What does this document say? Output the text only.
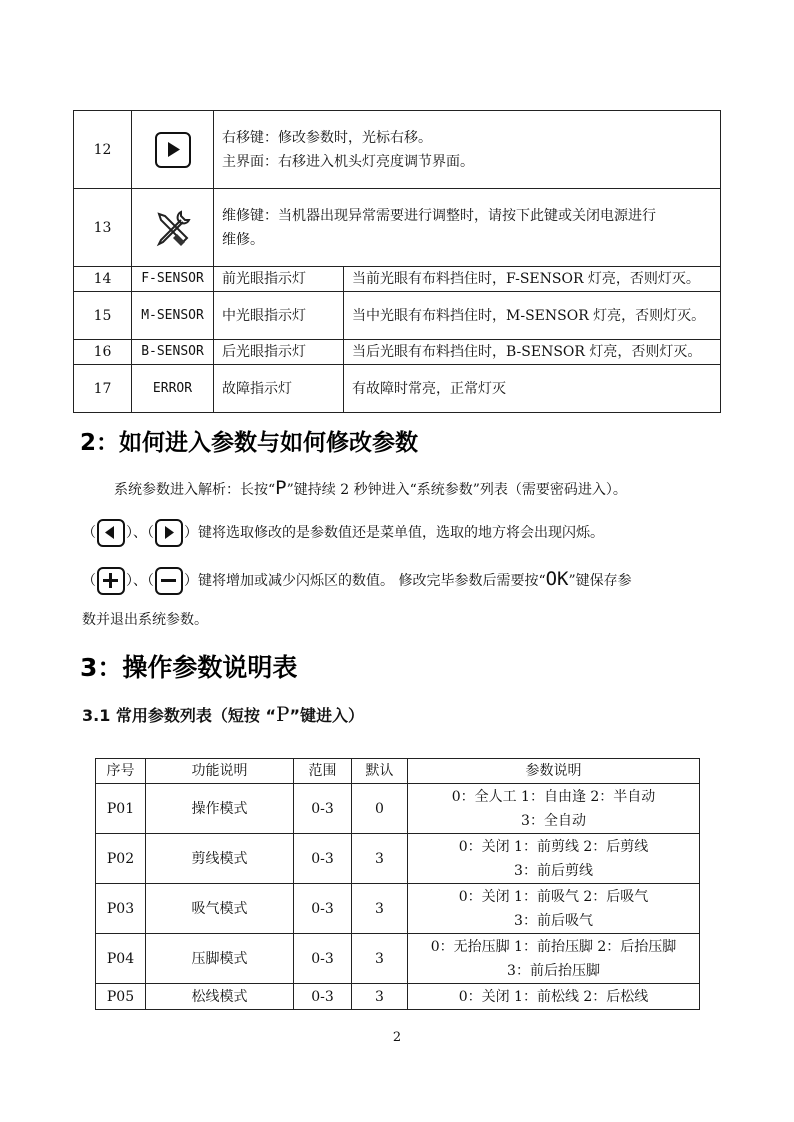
12		右移键：修改参数时，光标右移。
主界面：右移进入机头灯亮度调节界面。	

13		维修键：当机器出现异常需要进行调整时，请按下此键或关闭电源进行
维修。	

14	F-SENSOR	前光眼指示灯	当前光眼有布料挡住时，F-SENSOR 灯亮，否则灯灭。
15	M-SENSOR	中光眼指示灯	当中光眼有布料挡住时，M-SENSOR 灯亮，否则灯灭。
16	B-SENSOR	后光眼指示灯	当后光眼有布料挡住时，B-SENSOR 灯亮，否则灯灭。
17	ERROR	故障指示灯	有故障时常亮，正常灯灭
2：如何进入参数与如何修改参数
系统参数进入解析：长按“P”键持续 2 秒钟进入“系统参数”列表（需要密码进入）。
（ ）、（ ）键将选取修改的是参数值还是菜单值，选取的地方将会出现闪烁。
（ ）、（ ）键将增加或减少闪烁区的数值。 修改完毕参数后需要按“OK”键保存参
数并退出系统参数。
3：操作参数说明表
3.1 常用参数列表（短按 “P”键进入）
序号	功能说明	范围	默认	参数说明
P01	操作模式	0-3	0	0：全人工 1：自由逢 2：半自动
3：全自动

P02	剪线模式	0-3	3	0：关闭 1：前剪线 2：后剪线
3：前后剪线

P03	吸气模式	0-3	3	0：关闭 1：前吸气 2：后吸气
3：前后吸气

P04	压脚模式	0-3	3	0：无抬压脚 1：前抬压脚 2：后抬压脚
3：前后抬压脚

P05	松线模式	0-3	3	0：关闭 1：前松线 2：后松线
2
